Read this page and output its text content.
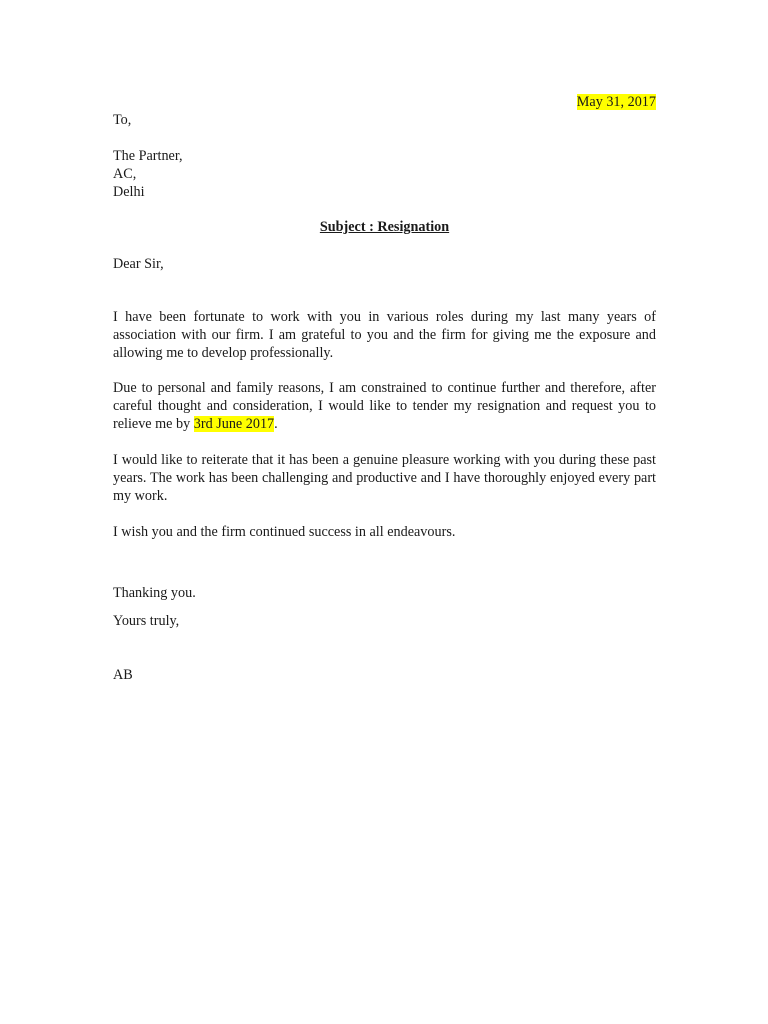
May 31, 2017
To,
The Partner,
AC,
Delhi
Subject : Resignation
Dear Sir,
I have been fortunate to work with you in various roles during my last many years of association with our firm. I am grateful to you and the firm for giving me the exposure and allowing me to develop professionally.
Due to personal and family reasons, I am constrained to continue further and therefore, after careful thought and consideration, I would like to tender my resignation and request you to relieve me by 3rd June 2017.
I would like to reiterate that it has been a genuine pleasure working with you during these past years. The work has been challenging and productive and I have thoroughly enjoyed every part my work.
I wish you and the firm continued success in all endeavours.
Thanking you.
Yours truly,
AB
